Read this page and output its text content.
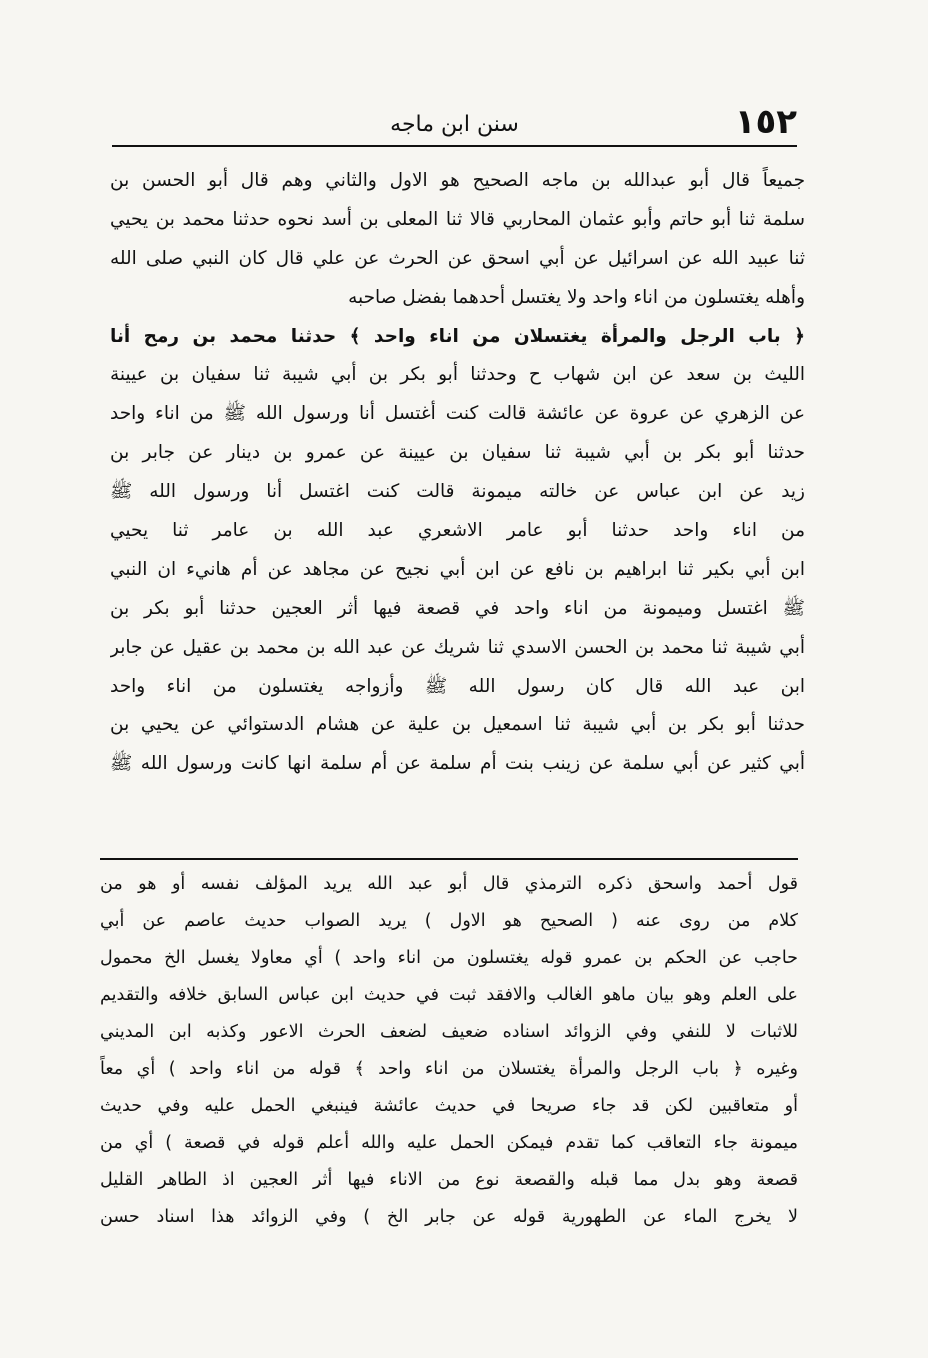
١٥٢
سنن ابن ماجه
جميعاً قال أبو عبدالله بن ماجه الصحيح هو الاول والثاني وهم قال أبو الحسن بن
سلمة ثنا أبو حاتم وأبو عثمان المحاربي قالا ثنا المعلى بن أسد نحوه حدثنا محمد بن يحيي
ثنا عبيد الله عن اسرائيل عن أبي اسحق عن الحرث عن علي قال كان النبي صلى الله
وأهله يغتسلون من اناء واحد ولا يغتسل أحدهما بفضل صاحبه
﴿ باب الرجل والمرأة يغتسلان من اناء واحد ﴾ حدثنا محمد بن رمح أنا
الليث بن سعد عن ابن شهاب ح وحدثنا أبو بكر بن أبي شيبة ثنا سفيان بن عيينة
عن الزهري عن عروة عن عائشة قالت كنت أغتسل أنا ورسول الله ﷺ من اناء واحد
حدثنا أبو بكر بن أبي شيبة ثنا سفيان بن عيينة عن عمرو بن دينار عن جابر بن
زيد عن ابن عباس عن خالته ميمونة قالت كنت اغتسل أنا ورسول الله ﷺ
من اناء واحد حدثنا أبو عامر الاشعري عبد الله بن عامر ثنا يحيي
ابن أبي بكير ثنا ابراهيم بن نافع عن ابن أبي نجيح عن مجاهد عن أم هانيء ان النبي
ﷺ اغتسل وميمونة من اناء واحد في قصعة فيها أثر العجين حدثنا أبو بكر بن
أبي شيبة ثنا محمد بن الحسن الاسدي ثنا شريك عن عبد الله بن محمد بن عقيل عن جابر
ابن عبد الله قال كان رسول الله ﷺ وأزواجه يغتسلون من اناء واحد
حدثنا أبو بكر بن أبي شيبة ثنا اسمعيل بن علية عن هشام الدستوائي عن يحيي بن
أبي كثير عن أبي سلمة عن زينب بنت أم سلمة عن أم سلمة انها كانت ورسول الله ﷺ
قول أحمد واسحق ذكره الترمذي قال أبو عبد الله يريد المؤلف نفسه أو هو من
كلام من روى عنه ( الصحيح هو الاول ) يريد الصواب حديث عاصم عن أبي
حاجب عن الحكم بن عمرو قوله يغتسلون من اناء واحد ) أي معاولا يغسل الخ محمول
على العلم وهو بيان ماهو الغالب والافقد ثبت في حديث ابن عباس السابق خلافه والتقديم
للاثبات لا للنفي وفي الزوائد اسناده ضعيف لضعف الحرث الاعور وكذبه ابن المديني
وغيره ﴿ باب الرجل والمرأة يغتسلان من اناء واحد ﴾ قوله من اناء واحد ) أي معاً
أو متعاقبين لكن قد جاء صريحا في حديث عائشة فينبغي الحمل عليه وفي حديث
ميمونة جاء التعاقب كما تقدم فيمكن الحمل عليه والله أعلم قوله في قصعة ) أي من
قصعة وهو بدل مما قبله والقصعة نوع من الاناء فيها أثر العجين اذ الطاهر القليل
لا يخرج الماء عن الطهورية قوله عن جابر الخ ) وفي الزوائد هذا اسناد حسن
